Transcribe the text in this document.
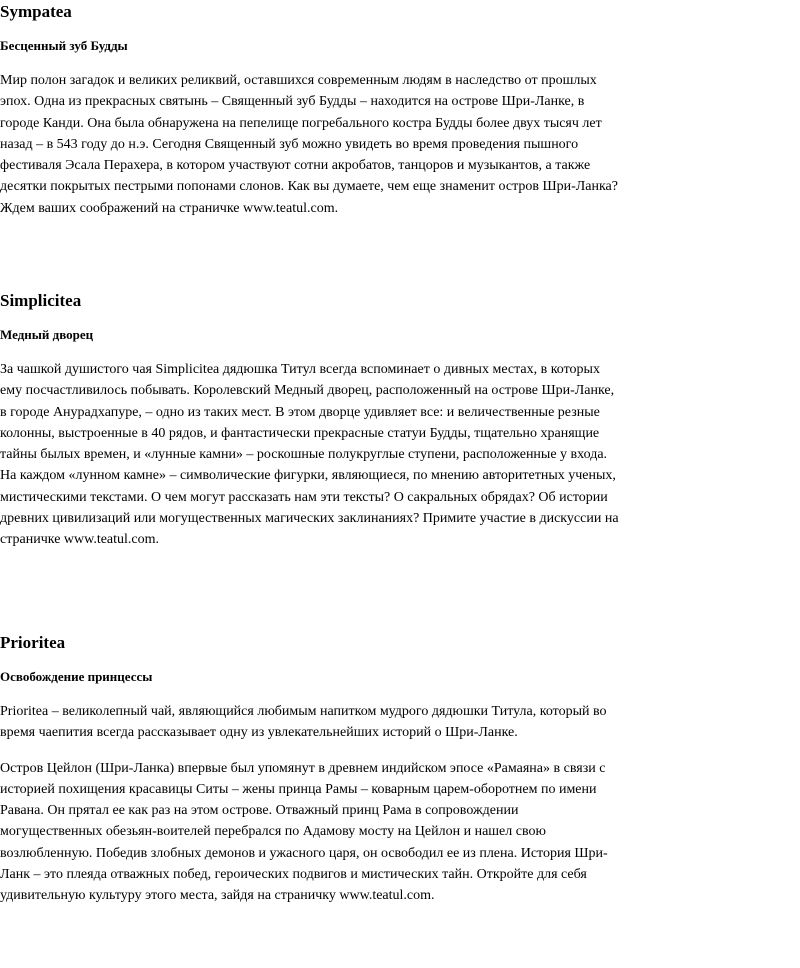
Sympatea
Бесценный зуб Будды

Мир полон загадок и великих реликвий, оставшихся современным людям в наследство от прошлых эпох. Одна из прекрасных святынь – Священный зуб Будды – находится на острове Шри-Ланке, в городе Канди. Она была обнаружена на пепелище погребального костра Будды более двух тысяч лет назад – в 543 году до н.э. Сегодня Священный зуб можно увидеть во время проведения пышного фестиваля Эсала Перахера, в котором участвуют сотни акробатов, танцоров и музыкантов, а также десятки покрытых пестрыми попонами слонов. Как вы думаете, чем еще знаменит остров Шри-Ланка? Ждем ваших соображений на страничке www.teatul.com.

Simplicitea
Медный дворец

За чашкой душистого чая Simplicitea дядюшка Титул всегда вспоминает о дивных местах, в которых ему посчастливилось побывать. Королевский Медный дворец, расположенный на острове Шри-Ланке, в городе Анурадхапуре, – одно из таких мест. В этом дворце удивляет все: и величественные резные колонны, выстроенные в 40 рядов, и фантастически прекрасные статуи Будды, тщательно хранящие тайны былых времен, и «лунные камни» – роскошные полукруглые ступени, расположенные у входа. На каждом «лунном камне» – символические фигурки, являющиеся, по мнению авторитетных ученых, мистическими текстами. О чем могут рассказать нам эти тексты? О сакральных обрядах? Об истории древних цивилизаций или могущественных магических заклинаниях? Примите участие в дискуссии на страничке www.teatul.com.

Prioritea
Освобождение принцессы

Prioritea – великолепный чай, являющийся любимым напитком мудрого дядюшки Титула, который во время чаепития всегда рассказывает одну из увлекательнейших историй о Шри-Ланке.

Остров Цейлон (Шри-Ланка) впервые был упомянут в древнем индийском эпосе «Рамаяна» в связи с историей похищения красавицы Ситы – жены принца Рамы – коварным царем-оборотнем по имени Равана. Он прятал ее как раз на этом острове. Отважный принц Рама в сопровождении могущественных обезьян-воителей перебрался по Адамову мосту на Цейлон и нашел свою возлюбленную. Победив злобных демонов и ужасного царя, он освободил ее из плена. История Шри-Ланк – это плеяда отважных побед, героических подвигов и мистических тайн. Откройте для себя удивительную культуру этого места, зайдя на страничку www.teatul.com.
